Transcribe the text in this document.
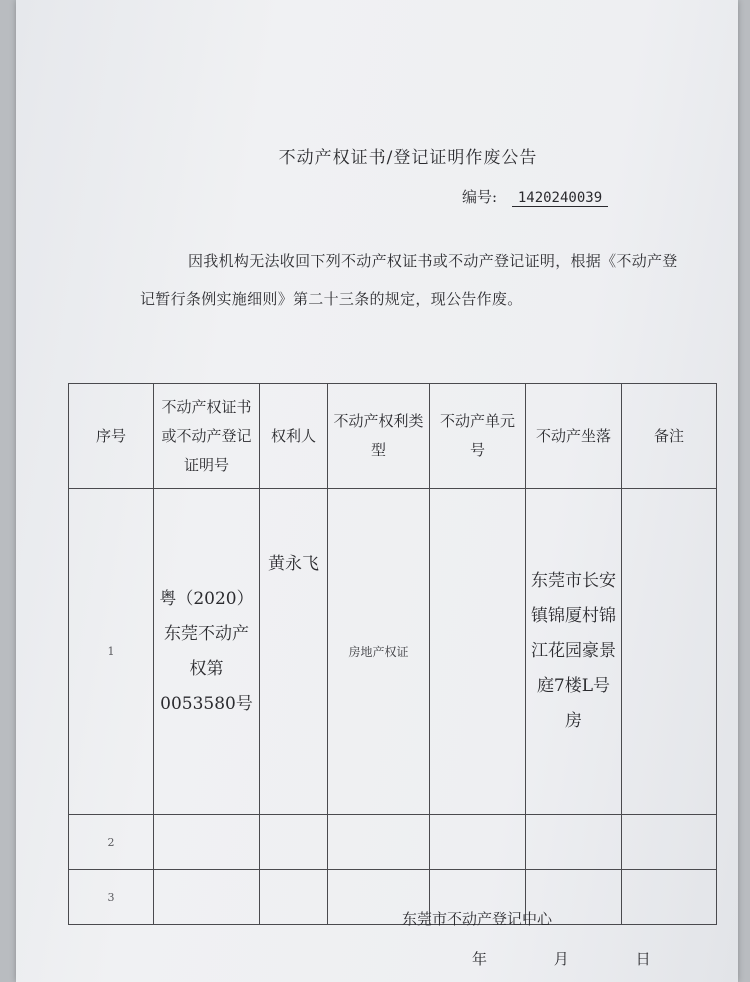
不动产权证书/登记证明作废公告
编号: 1420240039
因我机构无法收回下列不动产权证书或不动产登记证明，根据《不动产登记暂行条例实施细则》第二十三条的规定，现公告作废。
序号	不动产权证书或不动产登记证明号	权利人	不动产权利类型	不动产单元号	不动产坐落	备注
1	粤（2020）东莞不动产权第0053580号	黄永飞	房地产权证		东莞市长安镇锦厦村锦江花园豪景庭7楼L号房	
2						
3						
东莞市不动产登记中心
年	月	日
